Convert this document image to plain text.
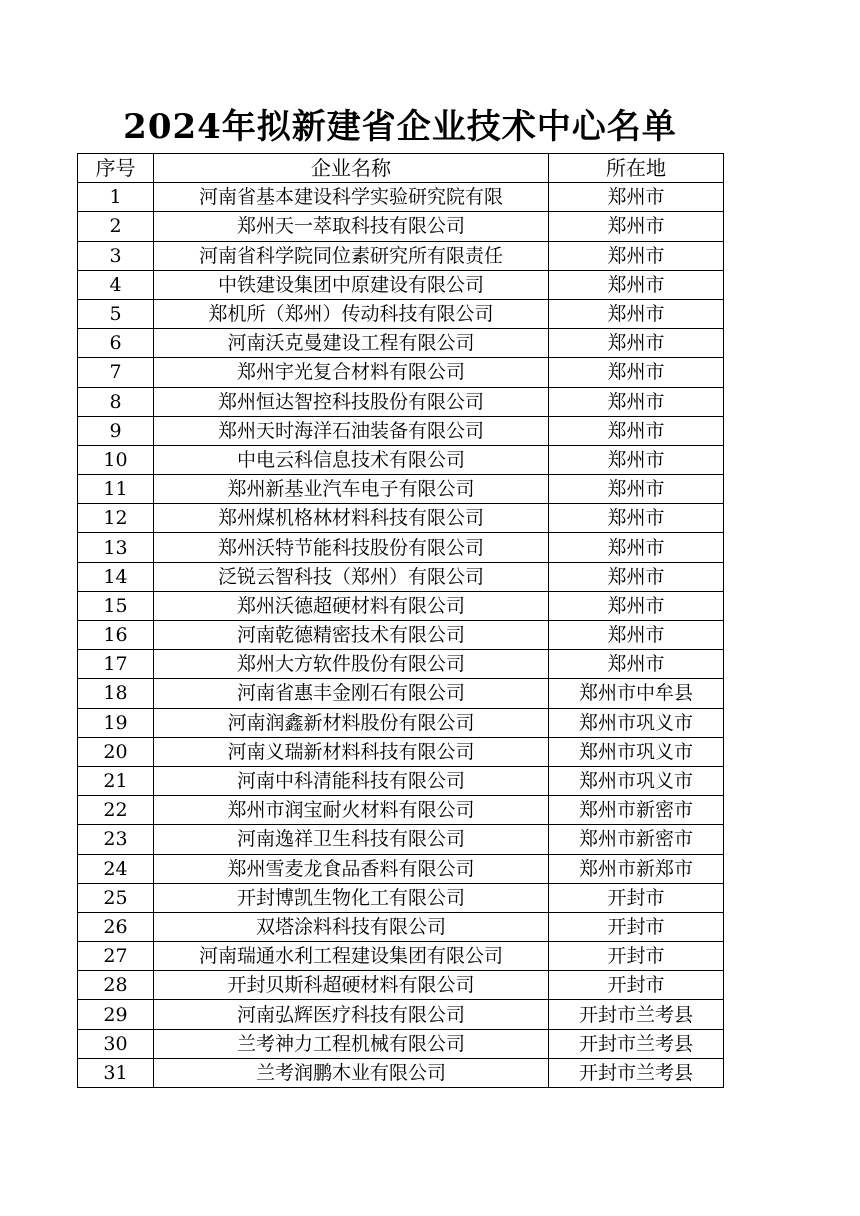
2024年拟新建省企业技术中心名单
序号	企业名称	所在地
1	河南省基本建设科学实验研究院有限	郑州市
2	郑州天一萃取科技有限公司	郑州市
3	河南省科学院同位素研究所有限责任	郑州市
4	中铁建设集团中原建设有限公司	郑州市
5	郑机所（郑州）传动科技有限公司	郑州市
6	河南沃克曼建设工程有限公司	郑州市
7	郑州宇光复合材料有限公司	郑州市
8	郑州恒达智控科技股份有限公司	郑州市
9	郑州天时海洋石油装备有限公司	郑州市
10	中电云科信息技术有限公司	郑州市
11	郑州新基业汽车电子有限公司	郑州市
12	郑州煤机格林材料科技有限公司	郑州市
13	郑州沃特节能科技股份有限公司	郑州市
14	泛锐云智科技（郑州）有限公司	郑州市
15	郑州沃德超硬材料有限公司	郑州市
16	河南乾德精密技术有限公司	郑州市
17	郑州大方软件股份有限公司	郑州市
18	河南省惠丰金刚石有限公司	郑州市中牟县
19	河南润鑫新材料股份有限公司	郑州市巩义市
20	河南义瑞新材料科技有限公司	郑州市巩义市
21	河南中科清能科技有限公司	郑州市巩义市
22	郑州市润宝耐火材料有限公司	郑州市新密市
23	河南逸祥卫生科技有限公司	郑州市新密市
24	郑州雪麦龙食品香料有限公司	郑州市新郑市
25	开封博凯生物化工有限公司	开封市
26	双塔涂料科技有限公司	开封市
27	河南瑞通水利工程建设集团有限公司	开封市
28	开封贝斯科超硬材料有限公司	开封市
29	河南弘辉医疗科技有限公司	开封市兰考县
30	兰考神力工程机械有限公司	开封市兰考县
31	兰考润鹏木业有限公司	开封市兰考县
